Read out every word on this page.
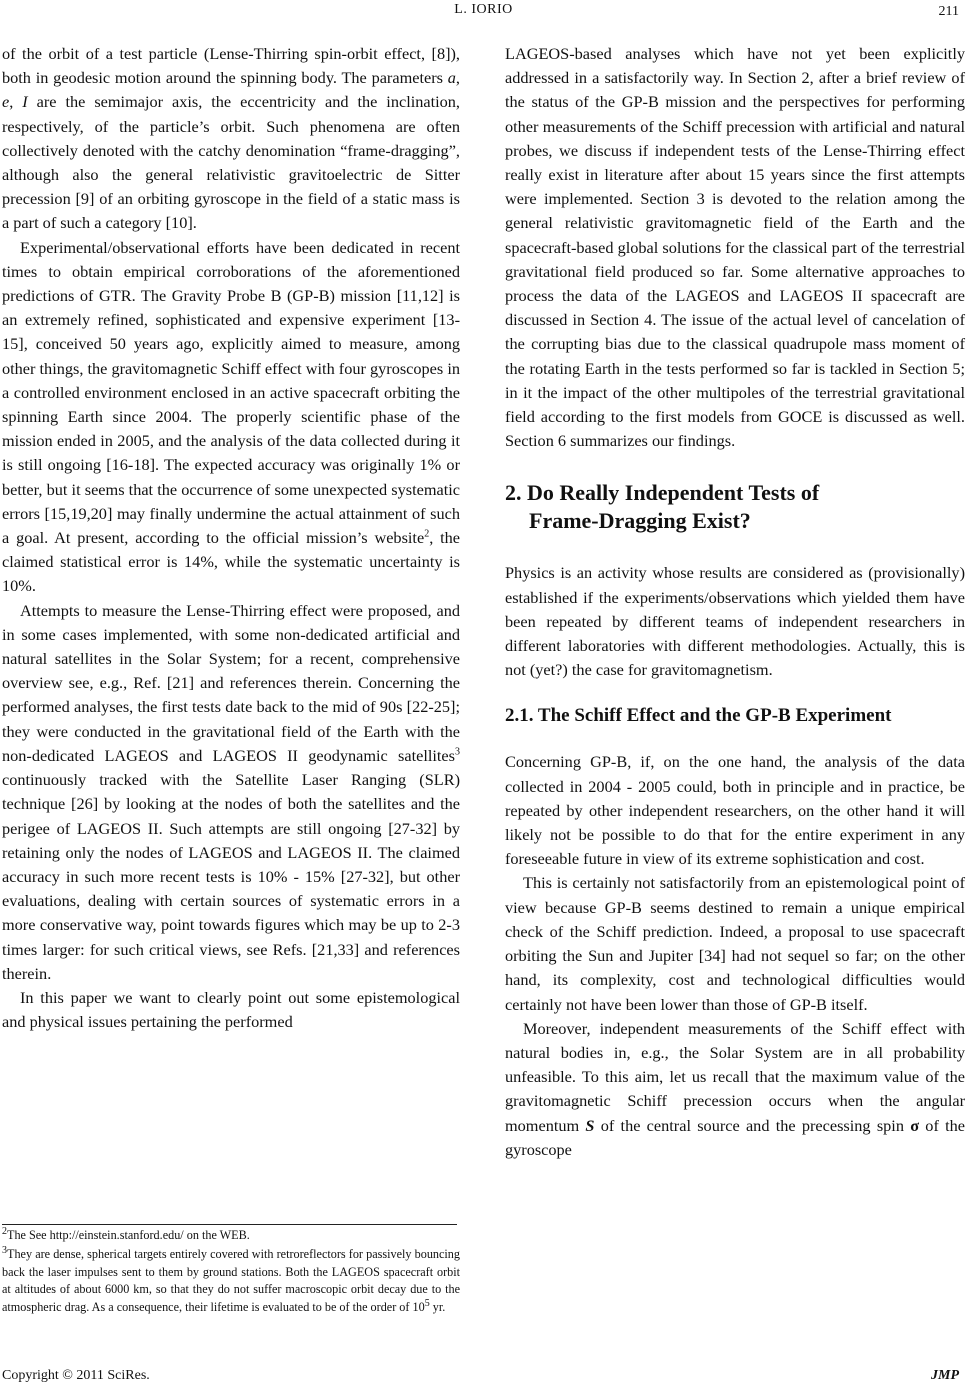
L. IORIO	211

of the orbit of a test particle (Lense-Thirring spin-orbit effect, [8]), both in geodesic motion around the spinning body. The parameters a, e, I are the semimajor axis, the eccentricity and the inclination, respectively, of the particle’s orbit. Such phenomena are often collectively denoted with the catchy denomination “frame-dragging”, although also the general relativistic gravitoelectric de Sitter precession [9] of an orbiting gyroscope in the field of a static mass is a part of such a category [10].

Experimental/observational efforts have been dedicated in recent times to obtain empirical corroborations of the aforementioned predictions of GTR. The Gravity Probe B (GP-B) mission [11,12] is an extremely refined, sophisticated and expensive experiment [13-15], conceived 50 years ago, explicitly aimed to measure, among other things, the gravitomagnetic Schiff effect with four gyroscopes in a controlled environment enclosed in an active spacecraft orbiting the spinning Earth since 2004. The properly scientific phase of the mission ended in 2005, and the analysis of the data collected during it is still ongoing [16-18]. The expected accuracy was originally 1% or better, but it seems that the occurrence of some unexpected systematic errors [15,19,20] may finally undermine the actual attainment of such a goal. At present, according to the official mission’s website$^2$, the claimed statistical error is 14%, while the systematic uncertainty is 10%.

Attempts to measure the Lense-Thirring effect were proposed, and in some cases implemented, with some non-dedicated artificial and natural satellites in the Solar System; for a recent, comprehensive overview see, e.g., Ref. [21] and references therein. Concerning the performed analyses, the first tests date back to the mid of 90s [22-25]; they were conducted in the gravitational field of the Earth with the non-dedicated LAGEOS and LAGEOS II geodynamic satellites$^3$ continuously tracked with the Satellite Laser Ranging (SLR) technique [26] by looking at the nodes of both the satellites and the perigee of LAGEOS II. Such attempts are still ongoing [27-32] by retaining only the nodes of LAGEOS and LAGEOS II. The claimed accuracy in such more recent tests is 10% - 15% [27-32], but other evaluations, dealing with certain sources of systematic errors in a more conservative way, point towards figures which may be up to 2-3 times larger: for such critical views, see Refs. [21,33] and references therein.

In this paper we want to clearly point out some epistemological and physical issues pertaining the performed

$^2$The See http://einstein.stanford.edu/ on the WEB.
$^3$They are dense, spherical targets entirely covered with retroreflectors for passively bouncing back the laser impulses sent to them by ground stations. Both the LAGEOS spacecraft orbit at altitudes of about 6000 km, so that they do not suffer macroscopic orbit decay due to the atmospheric drag. As a consequence, their lifetime is evaluated to be of the order of $10^5$ yr.

LAGEOS-based analyses which have not yet been explicitly addressed in a satisfactorily way. In Section 2, after a brief review of the status of the GP-B mission and the perspectives for performing other measurements of the Schiff precession with artificial and natural probes, we discuss if independent tests of the Lense-Thirring effect really exist in literature after about 15 years since the first attempts were implemented. Section 3 is devoted to the relation among the general relativistic gravitomagnetic field of the Earth and the spacecraft-based global solutions for the classical part of the terrestrial gravitational field produced so far. Some alternative approaches to process the data of the LAGEOS and LAGEOS II spacecraft are discussed in Section 4. The issue of the actual level of cancelation of the corrupting bias due to the classical quadrupole mass moment of the rotating Earth in the tests performed so far is tackled in Section 5; in it the impact of the other multipoles of the terrestrial gravitational field according to the first models from GOCE is discussed as well. Section 6 summarizes our findings.

2. Do Really Independent Tests of
Frame-Dragging Exist?

Physics is an activity whose results are considered as (provisionally) established if the experiments/observations which yielded them have been repeated by different teams of independent researchers in different laboratories with different methodologies. Actually, this is not (yet?) the case for gravitomagnetism.

2.1. The Schiff Effect and the GP-B Experiment

Concerning GP-B, if, on the one hand, the analysis of the data collected in 2004 - 2005 could, both in principle and in practice, be repeated by other independent researchers, on the other hand it will likely not be possible to do that for the entire experiment in any foreseeable future in view of its extreme sophistication and cost.

This is certainly not satisfactorily from an epistemological point of view because GP-B seems destined to remain a unique empirical check of the Schiff prediction. Indeed, a proposal to use spacecraft orbiting the Sun and Jupiter [34] had not sequel so far; on the other hand, its complexity, cost and technological difficulties would certainly not have been lower than those of GP-B itself.

Moreover, independent measurements of the Schiff effect with natural bodies in, e.g., the Solar System are in all probability unfeasible. To this aim, let us recall that the maximum value of the gravitomagnetic Schiff precession occurs when the angular momentum S of the central source and the precessing spin σ of the gyroscope

Copyright © 2011 SciRes.	JMP
